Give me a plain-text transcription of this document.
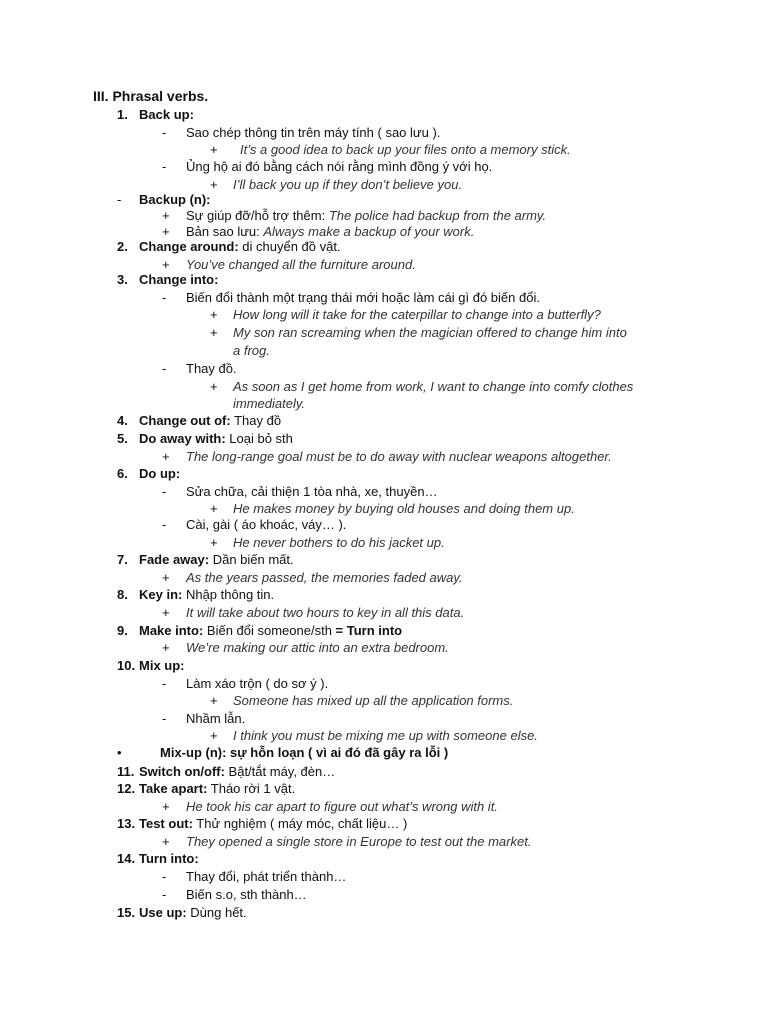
III. Phrasal verbs.
1. Back up:
- Sao chép thông tin trên máy tính ( sao lưu ).
+ It’s a good idea to back up your files onto a memory stick.
- Ủng hộ ai đó bằng cách nói rằng mình đồng ý với họ.
+ I’ll back you up if they don’t believe you.
- Backup (n):
+ Sự giúp đỡ/hỗ trợ thêm: The police had backup from the army.
+ Bản sao lưu: Always make a backup of your work.
2. Change around: di chuyển đồ vật.
+ You’ve changed all the furniture around.
3. Change into:
- Biến đổi thành một trạng thái mới hoặc làm cái gì đó biến đổi.
+ How long will it take for the caterpillar to change into a butterfly?
+ My son ran screaming when the magician offered to change him into
a frog.
- Thay đồ.
+ As soon as I get home from work, I want to change into comfy clothes
immediately.
4. Change out of: Thay đồ
5. Do away with: Loại bỏ sth
+ The long-range goal must be to do away with nuclear weapons altogether.
6. Do up:
- Sửa chữa, cải thiện 1 tòa nhà, xe, thuyền…
+ He makes money by buying old houses and doing them up.
- Cài, gài ( áo khoác, váy… ).
+ He never bothers to do his jacket up.
7. Fade away: Dần biến mất.
+ As the years passed, the memories faded away.
8. Key in: Nhập thông tin.
+ It will take about two hours to key in all this data.
9. Make into: Biến đổi someone/sth = Turn into
+ We’re making our attic into an extra bedroom.
10. Mix up:
- Làm xáo trộn ( do sơ ý ).
+ Someone has mixed up all the application forms.
- Nhầm lẫn.
+ I think you must be mixing me up with someone else.
•	Mix-up (n): sự hỗn loạn ( vì ai đó đã gây ra lỗi )
11. Switch on/off: Bật/tắt máy, đèn…
12. Take apart: Tháo rời 1 vật.
+ He took his car apart to figure out what’s wrong with it.
13. Test out: Thử nghiệm ( máy móc, chất liệu… )
+ They opened a single store in Europe to test out the market.
14. Turn into:
- Thay đổi, phát triển thành…
- Biến s.o, sth thành…
15. Use up: Dùng hết.
